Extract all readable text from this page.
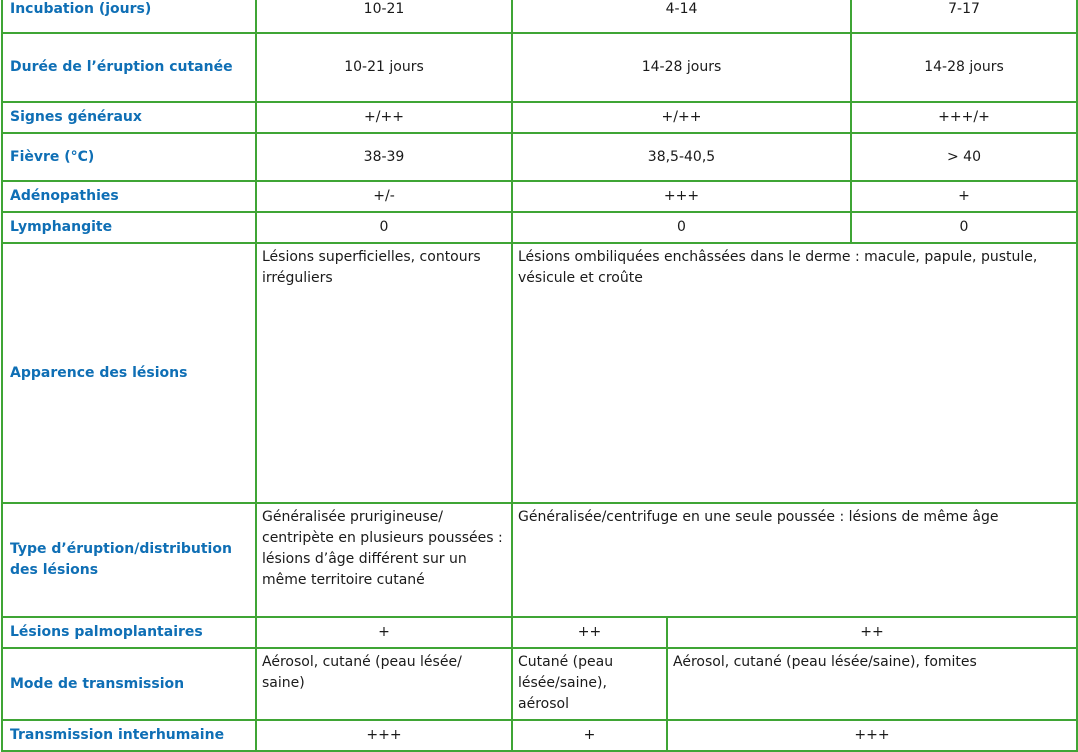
Incubation (jours)	10-21	4-14		7-17	
Durée de l’éruption cutanée	10-21 jours	14-28 jours		14-28 jours	
Signes généraux	+/++	+/++		+++/+	
Fièvre (°C)	38-39	38,5-40,5		> 40	
Adénopathies	+/-	+++		+	
Lymphangite	0	0		0	
Apparence des lésions	Lésions superficielles, contours irréguliers	Lésions ombiliquées enchâssées dans le derme : macule, papule, pustule, vésicule et croûte	
Type d’éruption/distribution des lésions	Généralisée prurigineuse/ centripète en plusieurs poussées : lésions d’âge différent sur un même territoire cutané	Généralisée/centrifuge en une seule poussée : lésions de même âge	
Lésions palmoplantaires	+	++	++	
Mode de transmission	Aérosol, cutané (peau lésée/ saine)	Cutané (peau lésée/saine), aérosol	Aérosol, cutané (peau lésée/saine), fomites	
Transmission interhumaine	+++	+	+++	
